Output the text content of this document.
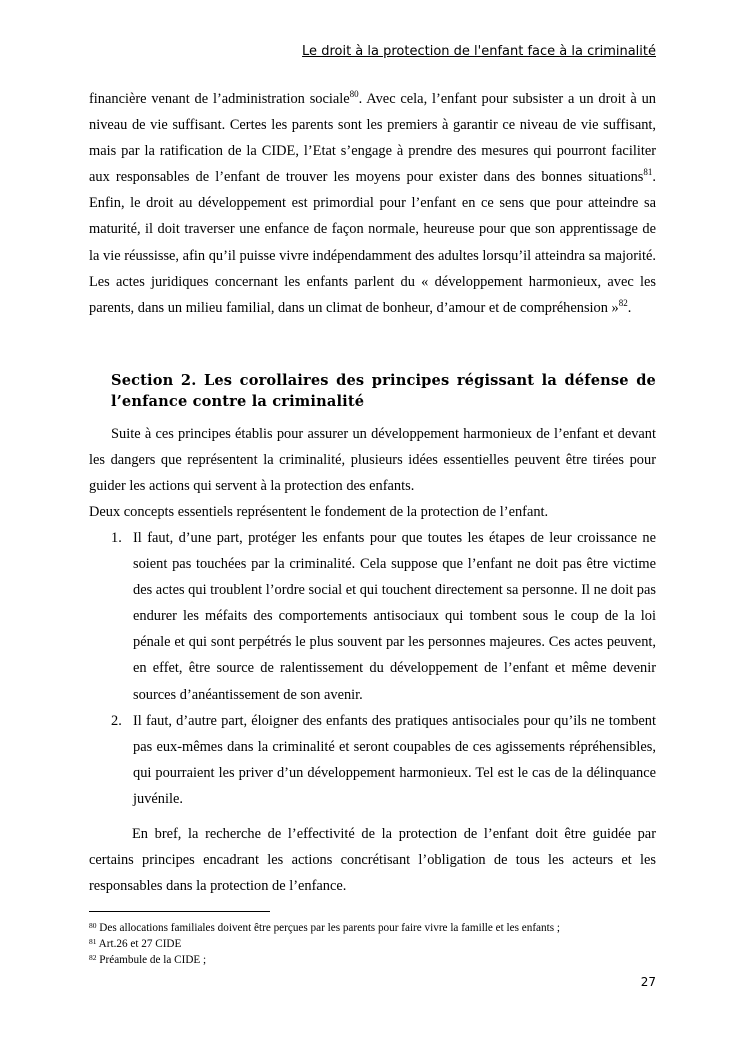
Le droit à la protection de l'enfant face à la criminalité
financière venant de l’administration sociale$^{80}$. Avec cela, l’enfant pour subsister a un droit à un niveau de vie suffisant. Certes les parents sont les premiers à garantir ce niveau de vie suffisant, mais par la ratification de la CIDE, l’Etat s’engage à prendre des mesures qui pourront faciliter aux responsables de l’enfant de trouver les moyens pour exister dans des bonnes situations$^{81}$. Enfin, le droit au développement est primordial pour l’enfant en ce sens que pour atteindre sa maturité, il doit traverser une enfance de façon normale, heureuse pour que son apprentissage de la vie réussisse, afin qu’il puisse vivre indépendamment des adultes lorsqu’il atteindra sa majorité. Les actes juridiques concernant les enfants parlent du « développement harmonieux, avec les parents, dans un milieu familial, dans un climat de bonheur, d’amour et de compréhension »$^{82}$.
Section 2. Les corollaires des principes régissant la défense de l’enfance contre la criminalité
Suite à ces principes établis pour assurer un développement harmonieux de l’enfant et devant les dangers que représentent la criminalité, plusieurs idées essentielles peuvent être tirées pour guider les actions qui servent à la protection des enfants.
Deux concepts essentiels représentent le fondement de la protection de l’enfant.
1. Il faut, d’une part, protéger les enfants pour que toutes les étapes de leur croissance ne soient pas touchées par la criminalité. Cela suppose que l’enfant ne doit pas être victime des actes qui troublent l’ordre social et qui touchent directement sa personne. Il ne doit pas endurer les méfaits des comportements antisociaux qui tombent sous le coup de la loi pénale et qui sont perpétrés le plus souvent par les personnes majeures. Ces actes peuvent, en effet, être source de ralentissement du développement de l’enfant et même devenir sources d’anéantissement de son avenir.
2. Il faut, d’autre part, éloigner des enfants des pratiques antisociales pour qu’ils ne tombent pas eux-mêmes dans la criminalité et seront coupables de ces agissements répréhensibles, qui pourraient les priver d’un développement harmonieux. Tel est le cas de la délinquance juvénile.
En bref, la recherche de l’effectivité de la protection de l’enfant doit être guidée par certains principes encadrant les actions concrétisant l’obligation de tous les acteurs et les responsables dans la protection de l’enfance.
$^{80}$ Des allocations familiales doivent être perçues par les parents pour faire vivre la famille et les enfants ;
$^{81}$ Art.26 et 27 CIDE
$^{82}$ Préambule de la CIDE ;
27
